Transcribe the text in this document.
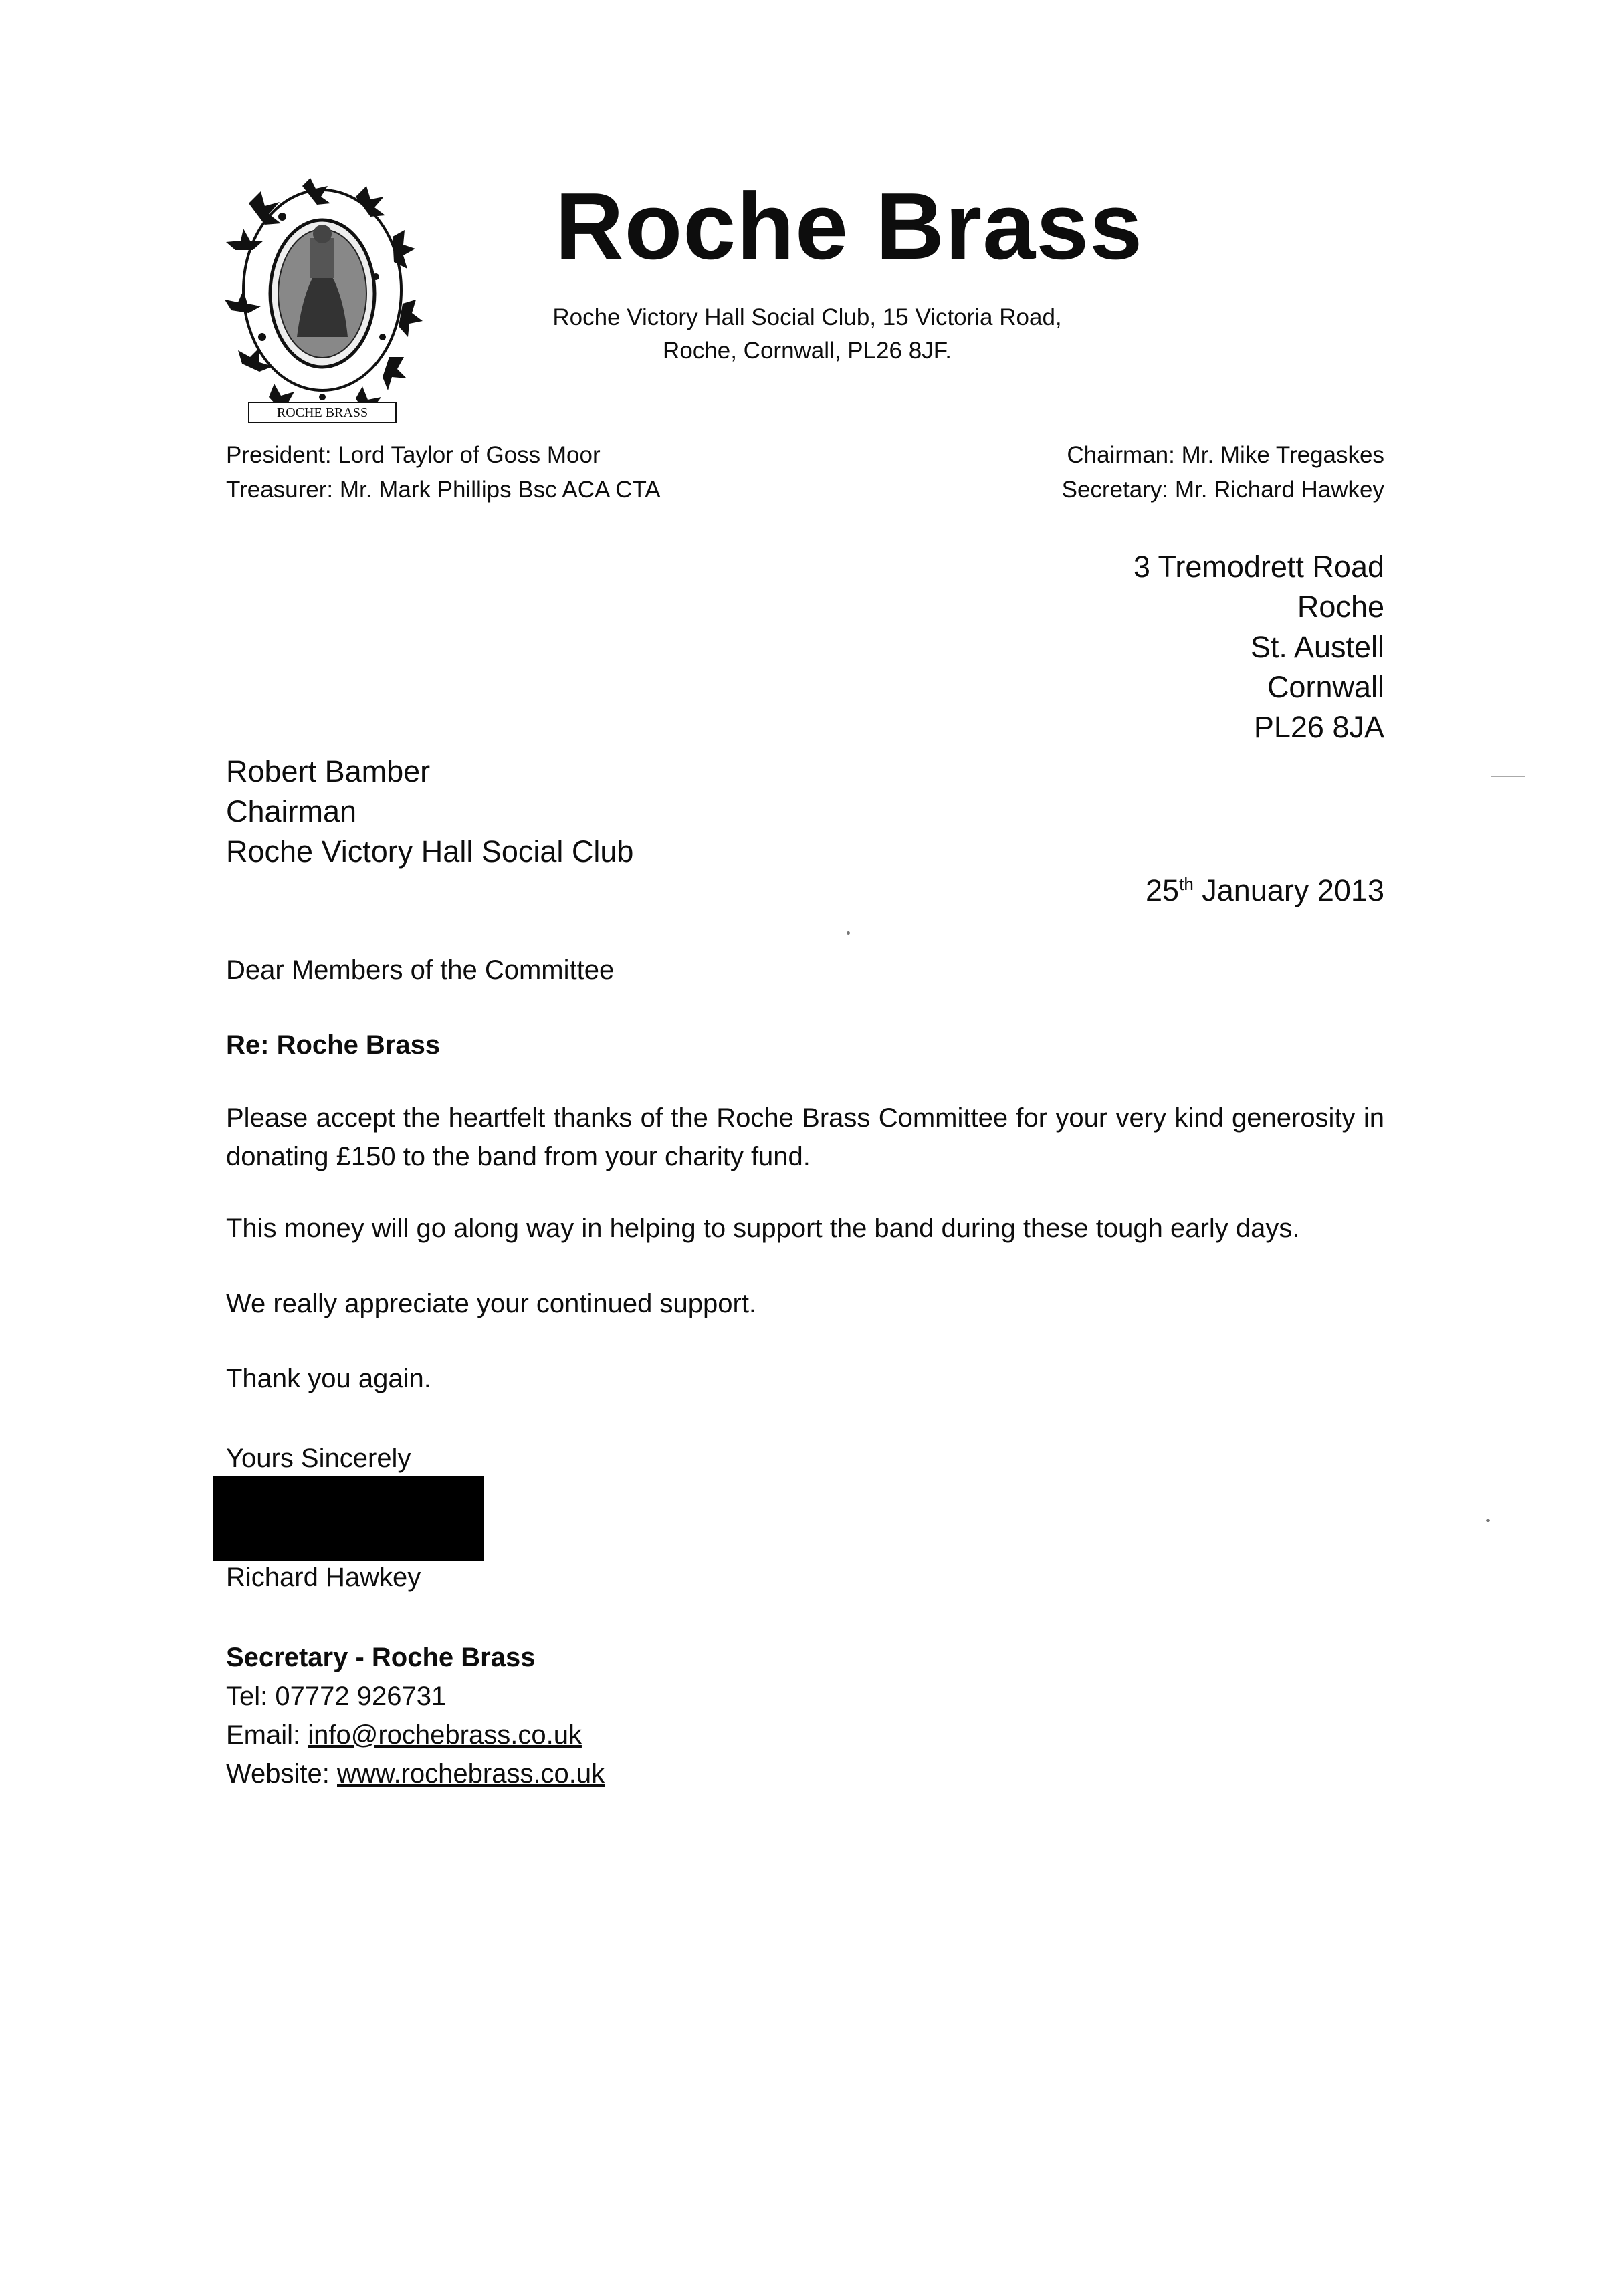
ROCHE BRASS
Roche Brass
Roche Victory Hall Social Club, 15 Victoria Road,
Roche, Cornwall, PL26 8JF.
President: Lord Taylor of Goss Moor
Treasurer: Mr. Mark Phillips Bsc ACA CTA
Chairman: Mr. Mike Tregaskes
Secretary: Mr. Richard Hawkey
3 Tremodrett Road
Roche
St. Austell
Cornwall
PL26 8JA
Robert Bamber
Chairman
Roche Victory Hall Social Club
25th January 2013
Dear Members of the Committee
Re: Roche Brass
Please accept the heartfelt thanks of the Roche Brass Committee for your very kind generosity in donating £150 to the band from your charity fund.
This money will go along way in helping to support the band during these tough early days.
We really appreciate your continued support.
Thank you again.
Yours Sincerely
Richard Hawkey
Secretary - Roche Brass
Tel: 07772 926731
Email: info@rochebrass.co.uk
Website: www.rochebrass.co.uk
